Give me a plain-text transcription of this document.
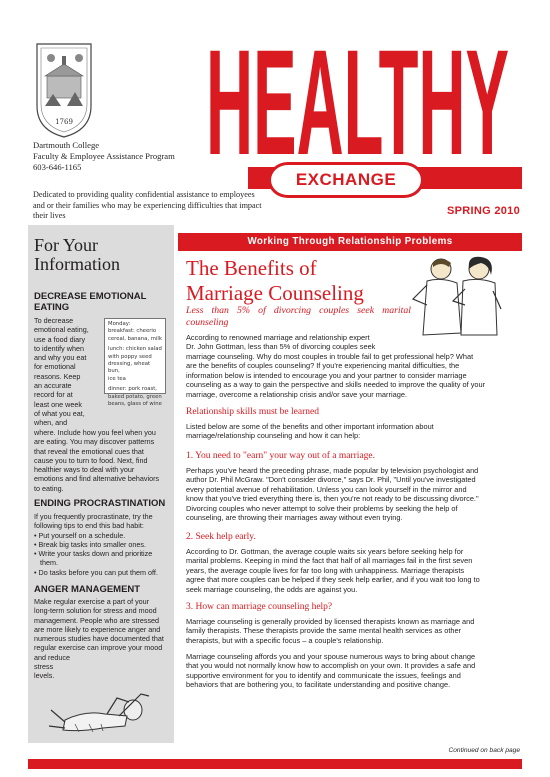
1769
Dartmouth College
Faculty & Employee Assistance Program
603-646-1165
Dedicated to providing quality confidential assistance to employees and or their families who may be experiencing difficulties that impact their lives
HEALTHY
EXCHANGE
SPRING 2010
For Your
Information
DECREASE EMOTIONAL
EATING
To decrease
emotional eating,
use a food diary
to identify when
and why you eat
for emotional
reasons. Keep
an accurate
record for at
least one week
of what you eat,
when, and
Monday:
breakfast: cheerio
cereal, banana, milk
lunch: chicken salad
with poppy seed
dressing, wheat bun,
ice tea
dinner: pork roast,
baked potato, green
beans, glass of wine
where. Include how you feel when you
are eating. You may discover patterns
that reveal the emotional cues that
cause you to turn to food. Next, find
healthier ways to deal with your
emotions and find alternative behaviors
to eating.
ENDING PROCRASTINATION
If you frequently procrastinate, try the
following tips to end this bad habit:
• Put yourself on a schedule.
• Break big tasks into smaller ones.
• Write your tasks down and prioritize
them.
• Do tasks before you can put them off.
ANGER MANAGEMENT
Make regular exercise a part of your
long-term solution for stress and mood
management. People who are stressed
are more likely to experience anger and
numerous studies have documented that
regular exercise can improve your mood
and reduce
stress
levels.
Working Through Relationship Problems
The Benefits of
Marriage Counseling
Less than 5% of divorcing couples seek marital counseling
According to renowned marriage and relationship expert
Dr. John Gottman, less than 5% of divorcing couples seek
marriage counseling. Why do most couples in trouble fail to get professional help? What
are the benefits of couples counseling? If you're experiencing marital difficulties, the
information below is intended to encourage you and your partner to consider marriage
counseling as a way to gain the perspective and skills needed to improve the quality of your
marriage, overcome a relationship crisis and/or save your marriage.
Relationship skills must be learned
Listed below are some of the benefits and other important information about
marriage/relationship counseling and how it can help:
1. You need to "earn" your way out of a marriage.
Perhaps you've heard the preceding phrase, made popular by television psychologist and
author Dr. Phil McGraw. "Don't consider divorce," says Dr. Phil, "Until you've investigated
every potential avenue of rehabilitation. Unless you can look yourself in the mirror and
know that you've tried everything there is, then you're not ready to be discussing divorce."
Divorcing couples who never attempt to solve their problems by seeking the help of
counseling, are throwing their marriages away without even trying.
2. Seek help early.
According to Dr. Gottman, the average couple waits six years before seeking help for
marital problems. Keeping in mind the fact that half of all marriages fail in the first seven
years, the average couple lives for far too long with unhappiness. Marriage therapists
agree that more couples can be helped if they seek help earlier, and if you wait too long to
seek marriage counseling, the odds are against you.
3. How can marriage counseling help?
Marriage counseling is generally provided by licensed therapists known as marriage and
family therapists. These therapists provide the same mental health services as other
therapists, but with a specific focus – a couple's relationship.
Marriage counseling affords you and your spouse numerous ways to bring about change
that you would not normally know how to accomplish on your own. It provides a safe and
supportive environment for you to identify and communicate the issues, feelings and
behaviors that are bothering you, to facilitate understanding and positive change.
Continued on back page
